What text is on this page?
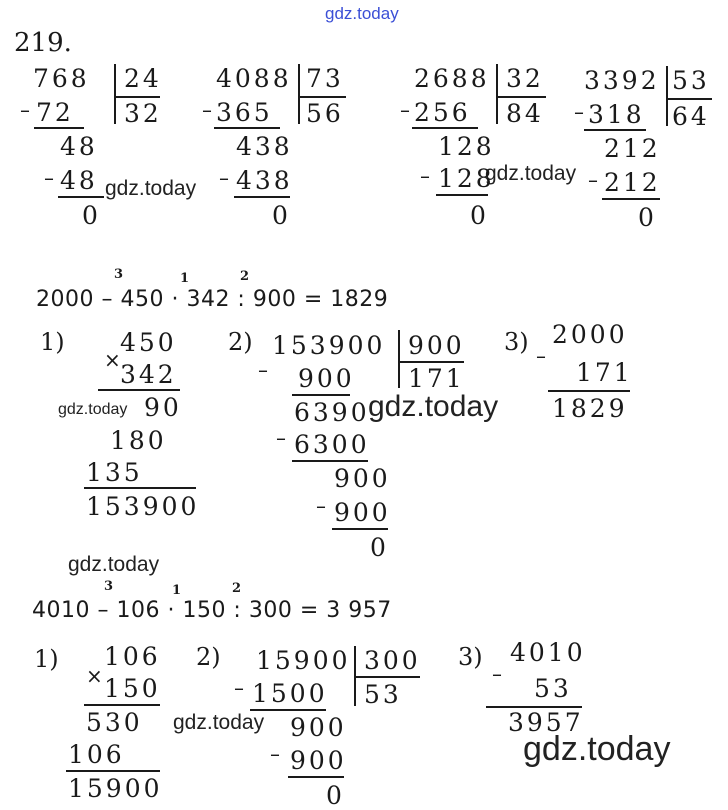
gdz.today
gdz.today
gdz.today
gdz.today	gdz.today
gdz.today
gdz.today
gdz.today
219.
768 24
– 72 32
48
– 48
0
4088 73
– 365 56
438
– 438
0
2688 32
– 256 84
128
– 128
0
3392 53
– 318 64
212
– 212
0
3	1	2
2000 – 450 · 342 : 900 = 1829
1)	2)	3)
450
× 342
90
180
135
153900
153900 900
– 900 171
6390
– 6300
900
– 900
0
2000
–
171
1829
3	1	2
4010 – 106 · 150 : 300 = 3 957
1)	2)	3)
106
× 150
530
106
15900
15900 300
– 1500 53
900
– 900
0
4010
– 53
3957
